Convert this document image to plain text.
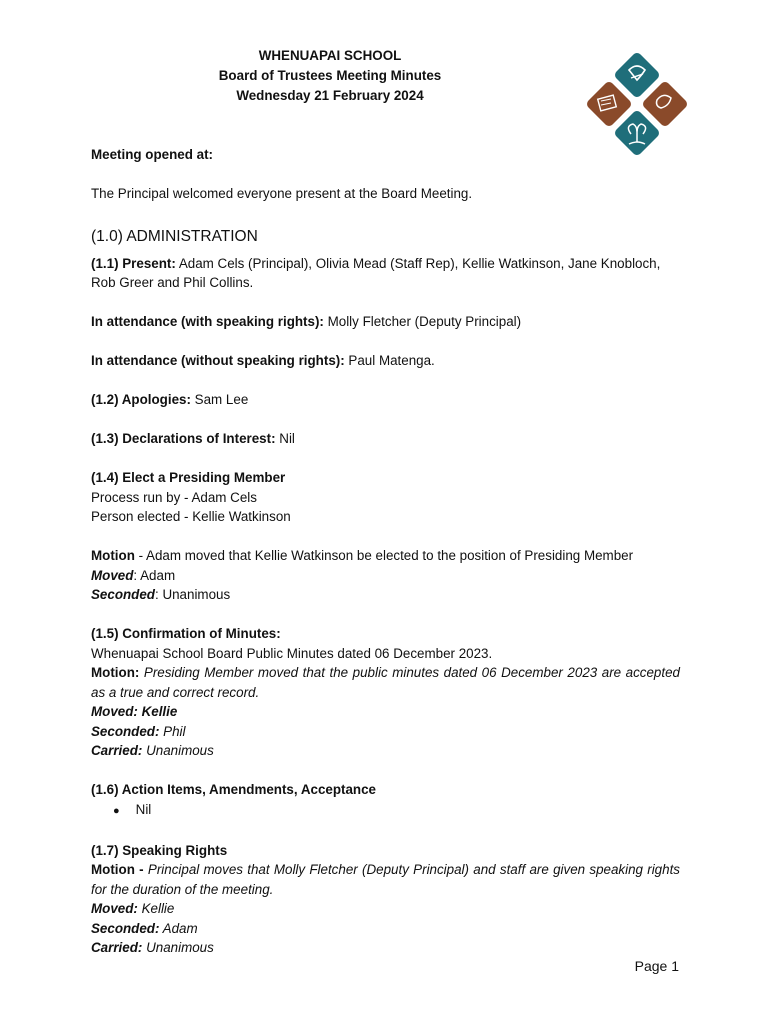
WHENUAPAI SCHOOL
Board of Trustees Meeting Minutes
Wednesday 21 February 2024

Meeting opened at:

The Principal welcomed everyone present at the Board Meeting.

(1.0) ADMINISTRATION

(1.1) Present: Adam Cels (Principal), Olivia Mead (Staff Rep), Kellie Watkinson, Jane Knobloch, Rob Greer and Phil Collins.

In attendance (with speaking rights): Molly Fletcher (Deputy Principal)

In attendance (without speaking rights): Paul Matenga.

(1.2) Apologies: Sam Lee

(1.3) Declarations of Interest: Nil

(1.4) Elect a Presiding Member

Process run by - Adam Cels

Person elected - Kellie Watkinson

Motion - Adam moved that Kellie Watkinson be elected to the position of Presiding Member

Moved: Adam

Seconded: Unanimous

(1.5) Confirmation of Minutes:

Whenuapai School Board Public Minutes dated 06 December 2023.

Motion: Presiding Member moved that the public minutes dated 06 December 2023 are accepted as a true and correct record.

Moved: Kellie

Seconded: Phil

Carried: Unanimous

(1.6) Action Items, Amendments, Acceptance

● Nil

(1.7) Speaking Rights

Motion - Principal moves that Molly Fletcher (Deputy Principal) and staff are given speaking rights for the duration of the meeting.

Moved: Kellie

Seconded: Adam

Carried: Unanimous

Page 1
